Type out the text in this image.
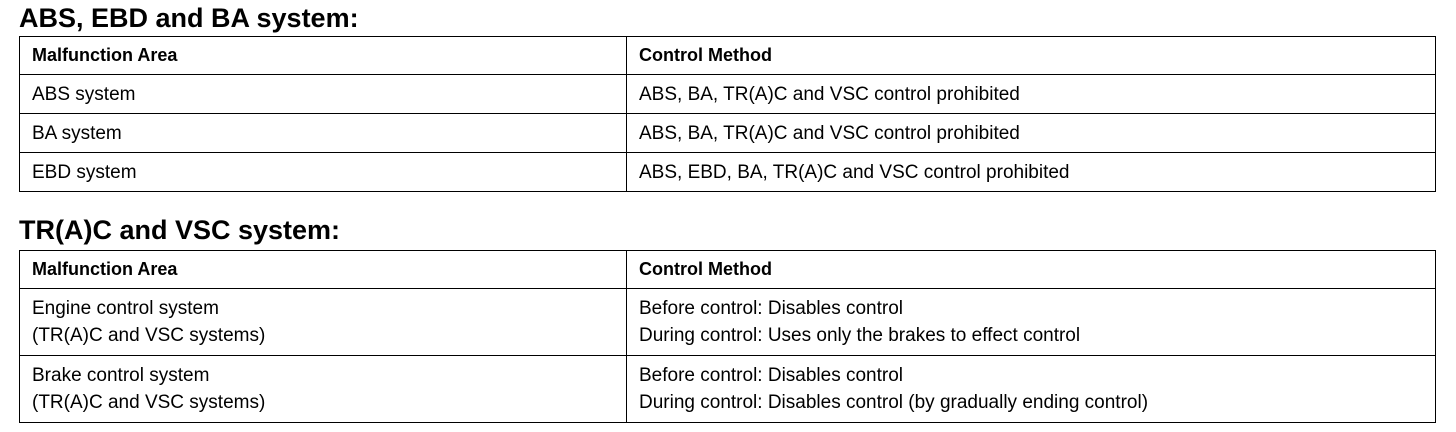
ABS, EBD and BA system:
Malfunction Area	Control Method

ABS system	ABS, BA, TR(A)C and VSC control prohibited

BA system	ABS, BA, TR(A)C and VSC control prohibited

EBD system	ABS, EBD, BA, TR(A)C and VSC control prohibited
TR(A)C and VSC system:
Malfunction Area	Control Method

Engine control system
(TR(A)C and VSC systems)	Before control: Disables control
During control: Uses only the brakes to effect control

Brake control system
(TR(A)C and VSC systems)	Before control: Disables control
During control: Disables control (by gradually ending control)
